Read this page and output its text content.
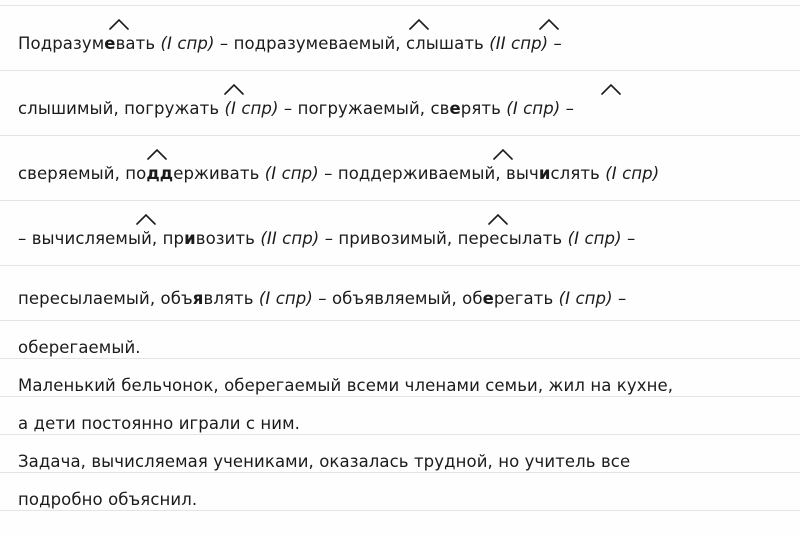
Подразумевать (I спр) – подразумеваемый, слышать (II спр) –
слышимый, погружать (I спр) – погружаемый, сверять (I спр) –
сверяемый, поддерживать (I спр) – поддерживаемый, вычислять (I спр)
– вычисляемый, привозить (II спр) – привозимый, пересылать (I спр) –
пересылаемый, объявлять (I спр) – объявляемый, оберегать (I спр) –
оберегаемый.
Маленький бельчонок, оберегаемый всеми членами семьи, жил на кухне,
а дети постоянно играли с ним.
Задача, вычисляемая учениками, оказалась трудной, но учитель все
подробно объяснил.
